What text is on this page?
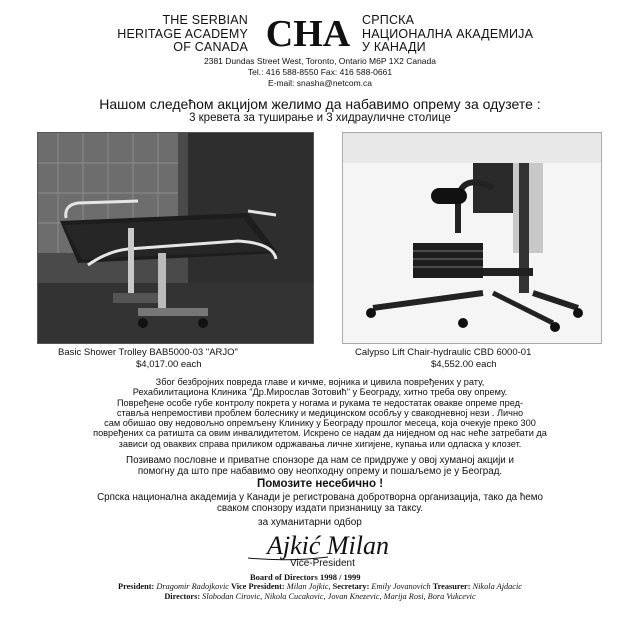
THE SERBIAN
HERITAGE ACADEMY
OF CANADA CHA СРПСКА
НАЦИОНАЛНА АКАДЕМИЈА
У КАНАДИ
2381 Dundas Street West, Toronto, Ontario M6P 1X2 Canada
Tel.: 416 588-8550 Fax: 416 588-0661
E-mail: snasha@netcom.ca
Нашом следећом акцијом желимо да набавимо опрему за одузете :
3 кревета за туширање и 3 хидрауличне столице
Basic Shower Trolley BAB5000-03 "ARJO"
$4,017.00 each
Calypso Lift Chair-hydraulic CBD 6000-01
$4,552.00 each
Због безбројних повреда главе и кичме, војника и цивила повређених у рату,
Рехабилитациона Клиника "Др.Мирослав Зотовић" у Београду, хитно треба ову опрему.
Повређене особе губе контролу покрета у ногама и рукама те недостатак овакве опреме пред-
ставља непремостиви проблем болеснику и медицинском особљу у свакодневној нези . Лично
сам обишао ову недовољно опремљену Клинику у Београду прошлог месеца, која очекује преко 300
повређених са ратишта са овим инвалидитетом. Искрено се надам да ниједном од нас неће затребати да
зависи од оваквих справа приликом одржавања личне хигијене, купања или одласка у клозет.
Позивамо пословне и приватне спонзоре да нам се придруже у овој хуманој акцији и
помогну да што пре набавимо ову неопходну опрему и пошаљемо је у Београд.
Помозите несебично !
Српска национална академија у Канади је регистрована добротворна организација, тако да ћемо
сваком спонзору издати признаницу за таксу.
за хуманитарни одбор
Ajkić Milan
Vice-President
Board of Directors 1998 / 1999
President: Dragomir Radojkovic Vice President: Milan Jojkic, Secretary: Emily Jovanovich Treasurer: Nikola Ajdacic
Directors: Slobodan Cirovic, Nikola Cucakovic, Jovan Knezevic, Marija Rosi, Bora Vukcevic
